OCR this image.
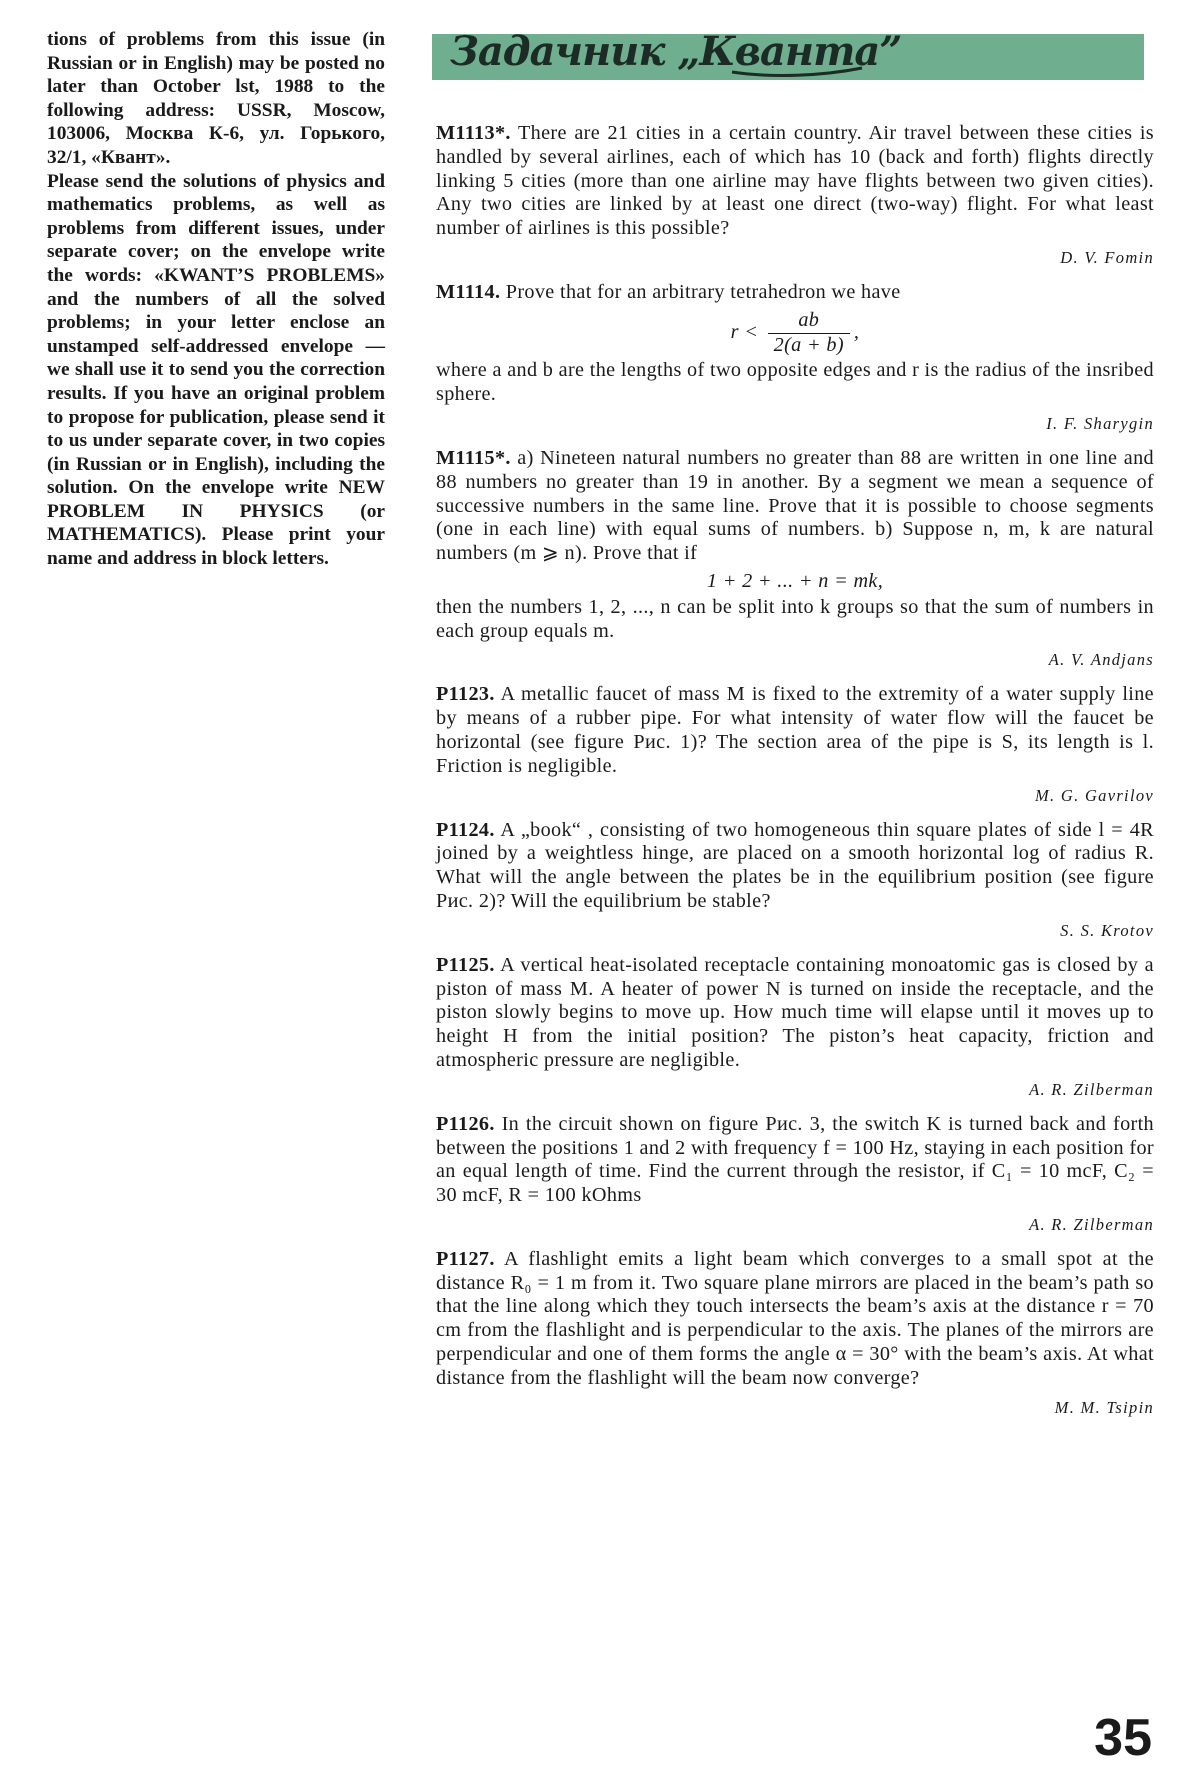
tions of problems from this issue (in Russian or in English) may be posted no later than October lst, 1988 to the following address: USSR, Moscow, 103006, Москва К-6, ул. Горького, 32/1, «Квант».

Please send the solutions of physics and mathematics problems, as well as problems from different issues, under separate cover; on the envelope write the words: «KWANT’S PROBLEMS» and the numbers of all the solved problems; in your letter enclose an unstamped self-addressed envelope — we shall use it to send you the correction results. If you have an original problem to propose for publication, please send it to us under separate cover, in two copies (in Russian or in English), including the solution. On the envelope write NEW PROBLEM IN PHYSICS (or MATHEMATICS). Please print your name and address in block letters.

Задачник „Кванта”

M1113*. There are 21 cities in a certain country. Air travel between these cities is handled by several airlines, each of which has 10 (back and forth) flights directly linking 5 cities (more than one airline may have flights between two given cities). Any two cities are linked by at least one direct (two-way) flight. For what least number of airlines is this possible?

D. V. Fomin

M1114. Prove that for an arbitrary tetrahedron we have

$r < \frac{ab}{2(a + b)}$ ,

where a and b are the lengths of two opposite edges and r is the radius of the insribed sphere.

I. F. Sharygin

M1115*. a) Nineteen natural numbers no greater than 88 are written in one line and 88 numbers no greater than 19 in another. By a segment we mean a sequence of successive numbers in the same line. Prove that it is possible to choose segments (one in each line) with equal sums of numbers. b) Suppose n, m, k are natural numbers (m ⩾ n). Prove that if

1 + 2 + ... + n = mk,

then the numbers 1, 2, ..., n can be split into k groups so that the sum of numbers in each group equals m.

A. V. Andjans

P1123. A metallic faucet of mass M is fixed to the extremity of a water supply line by means of a rubber pipe. For what intensity of water flow will the faucet be horizontal (see figure Рис. 1)? The section area of the pipe is S, its length is l. Friction is negligible.

M. G. Gavrilov

P1124. A „book“ , consisting of two homogeneous thin square plates of side l = 4R joined by a weightless hinge, are placed on a smooth horizontal log of radius R. What will the angle between the plates be in the equilibrium position (see figure Рис. 2)? Will the equilibrium be stable?

S. S. Krotov

P1125. A vertical heat-isolated receptacle containing monoatomic gas is closed by a piston of mass M. A heater of power N is turned on inside the receptacle, and the piston slowly begins to move up. How much time will elapse until it moves up to height H from the initial position? The piston’s heat capacity, friction and atmospheric pressure are negligible.

A. R. Zilberman

P1126. In the circuit shown on figure Рис. 3, the switch K is turned back and forth between the positions 1 and 2 with frequency f = 100 Hz, staying in each position for an equal length of time. Find the current through the resistor, if C₁ = 10 mcF, C₂ = 30 mcF, R = 100 kOhms

A. R. Zilberman

P1127. A flashlight emits a light beam which converges to a small spot at the distance R₀ = 1 m from it. Two square plane mirrors are placed in the beam’s path so that the line along which they touch intersects the beam’s axis at the distance r = 70 cm from the flashlight and is perpendicular to the axis. The planes of the mirrors are perpendicular and one of them forms the angle α = 30° with the beam’s axis. At what distance from the flashlight will the beam now converge?

M. M. Tsipin
35
